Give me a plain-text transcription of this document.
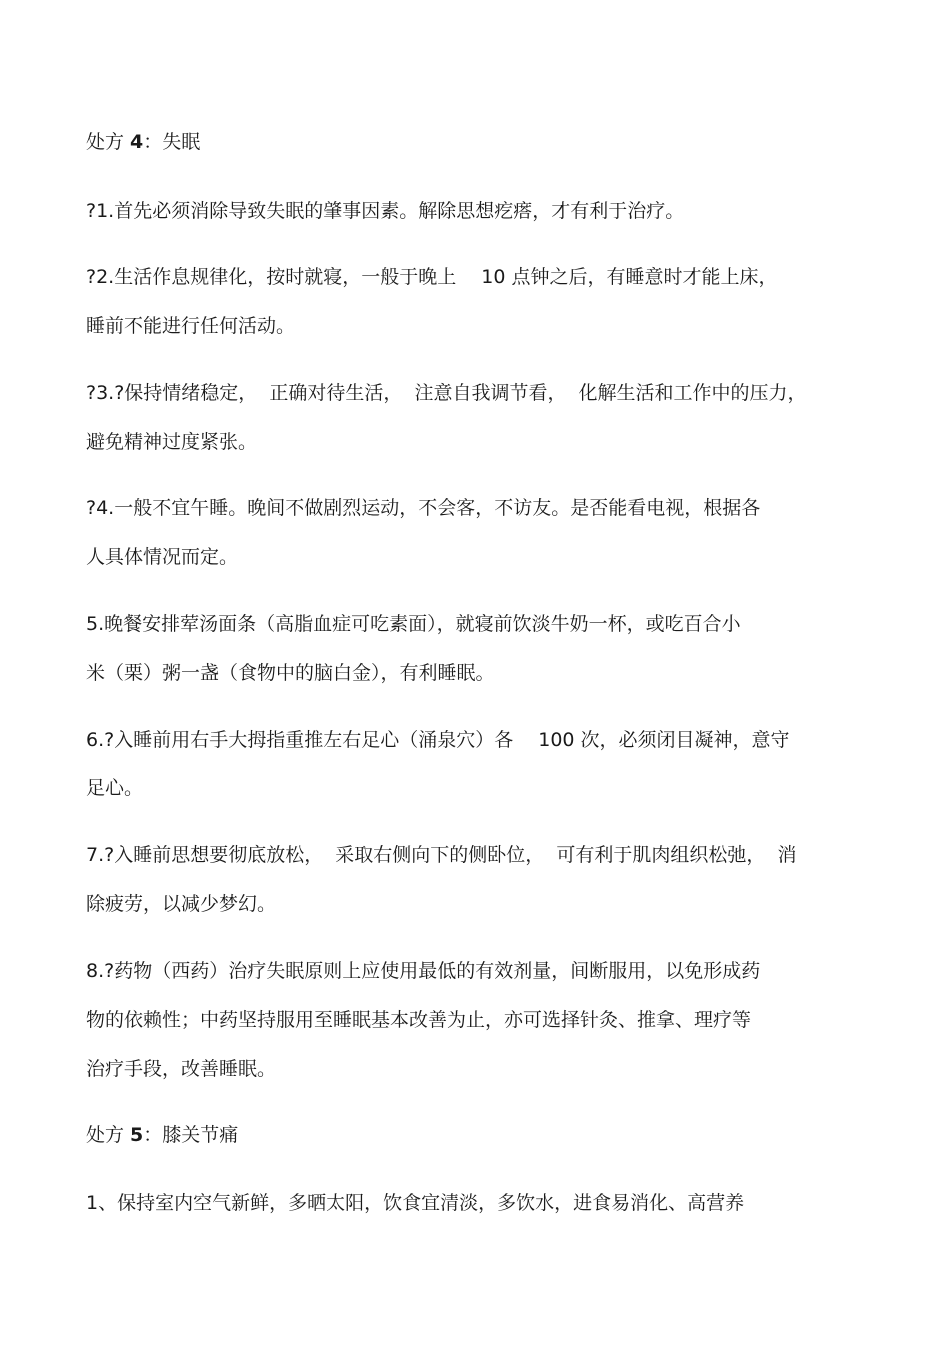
处方 4：失眠

?1.首先必须消除导致失眠的肇事因素。解除思想疙瘩，才有利于治疗。

?2.生活作息规律化，按时就寝，一般于晚上　 10 点钟之后，有睡意时才能上床，

睡前不能进行任何活动。

?3.?保持情绪稳定，  正确对待生活，  注意自我调节看，  化解生活和工作中的压力，

避免精神过度紧张。

?4.一般不宜午睡。晚间不做剧烈运动，不会客，不访友。是否能看电视，根据各

人具体情况而定。

5.晚餐安排荤汤面条（高脂血症可吃素面），就寝前饮淡牛奶一杯，或吃百合小

米（栗）粥一盏（食物中的脑白金），有利睡眠。

6.?入睡前用右手大拇指重推左右足心（涌泉穴）各　 100 次，必须闭目凝神，意守

足心。

7.?入睡前思想要彻底放松，  采取右侧向下的侧卧位，  可有利于肌肉组织松弛，  消

除疲劳，以减少梦幻。

8.?药物（西药）治疗失眠原则上应使用最低的有效剂量，间断服用，以免形成药

物的依赖性；中药坚持服用至睡眠基本改善为止，亦可选择针灸、推拿、理疗等

治疗手段，改善睡眠。

处方 5：膝关节痛

1、保持室内空气新鲜，多晒太阳，饮食宜清淡，多饮水，进食易消化、高营养
